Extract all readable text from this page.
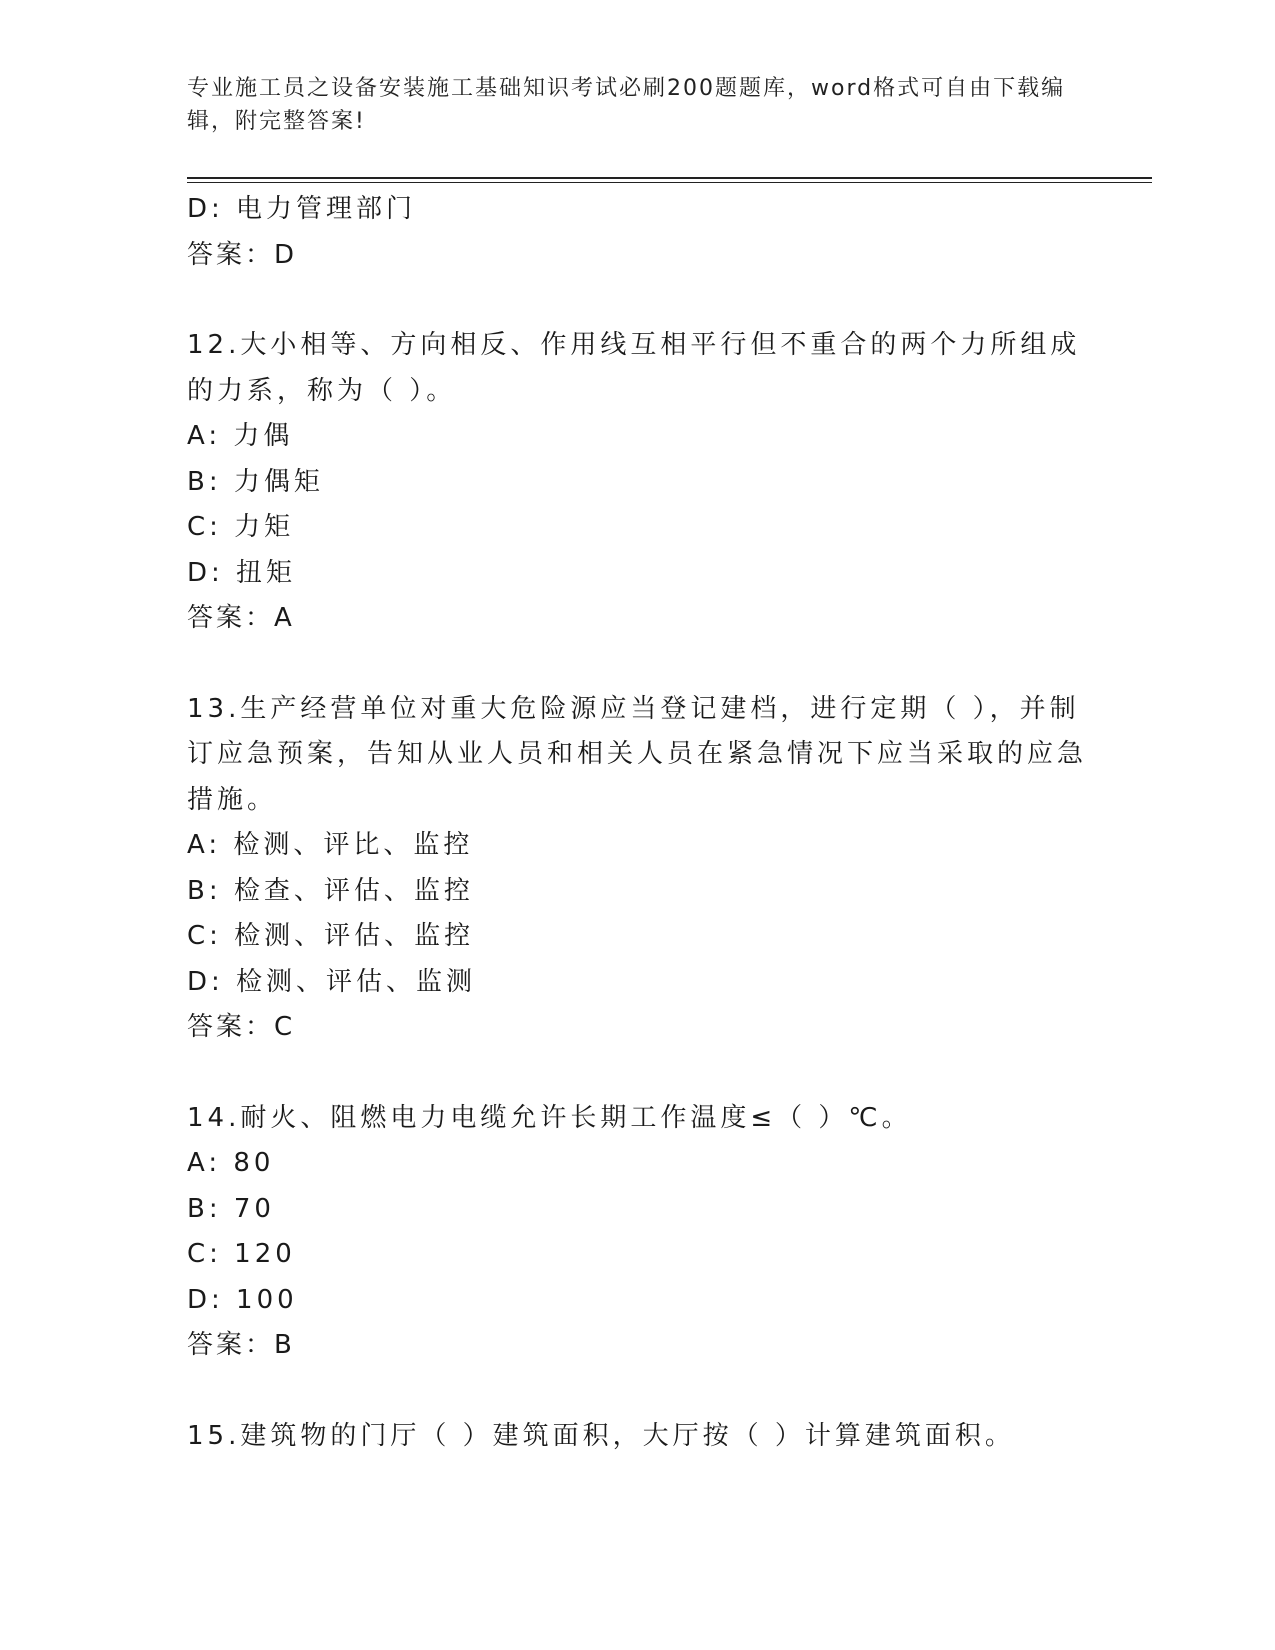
专业施工员之设备安装施工基础知识考试必刷200题题库，word格式可自由下载编辑，附完整答案!
D: 电力管理部门
答案：D
12.大小相等、方向相反、作用线互相平行但不重合的两个力所组成的力系，称为（ ）。
A: 力偶
B: 力偶矩
C: 力矩
D: 扭矩
答案：A
13.生产经营单位对重大危险源应当登记建档，进行定期（ ），并制订应急预案，告知从业人员和相关人员在紧急情况下应当采取的应急措施。
A: 检测、评比、监控
B: 检查、评估、监控
C: 检测、评估、监控
D: 检测、评估、监测
答案：C
14.耐火、阻燃电力电缆允许长期工作温度≤（ ）℃。
A: 80
B: 70
C: 120
D: 100
答案：B
15.建筑物的门厅（ ）建筑面积，大厅按（ ）计算建筑面积。
